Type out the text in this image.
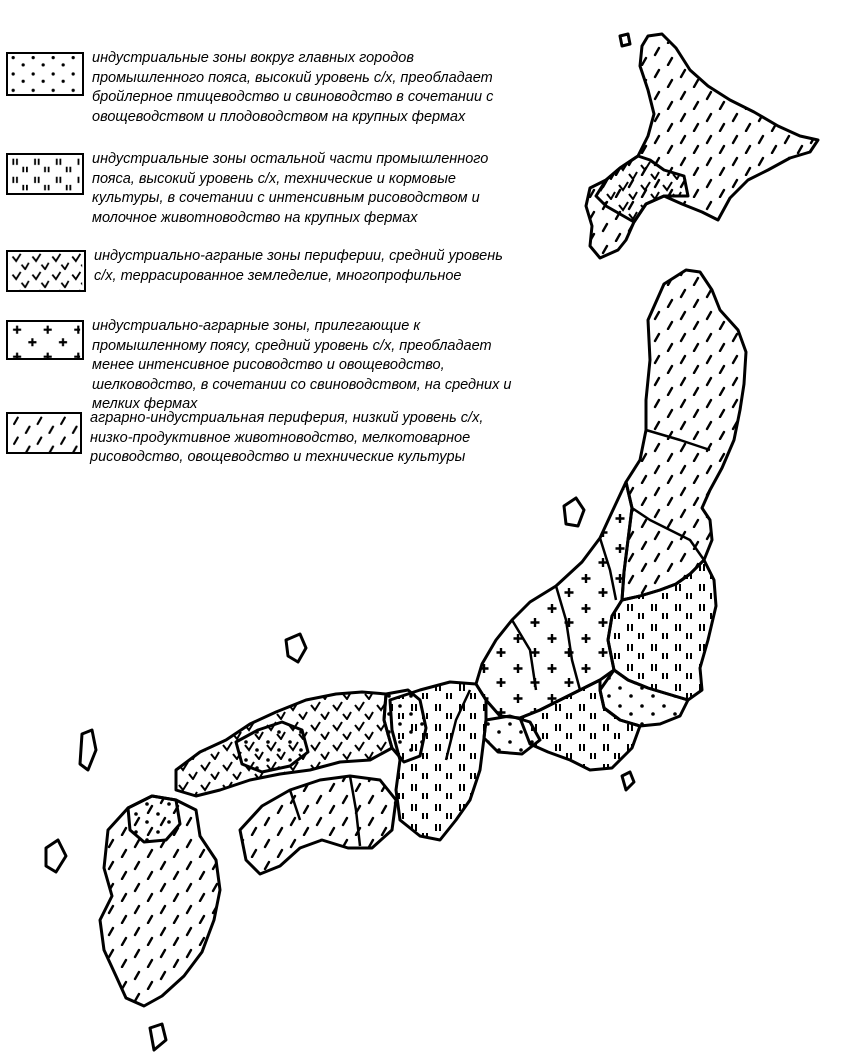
индустриальные зоны вокруг главных городов промышленного пояса, высокий уровень с/х, преобладает бройлерное птицеводство и свиноводство в сочетании с овощеводством и плодоводством на крупных фермах
индустриальные зоны остальной части промышленного пояса, высокий уровень с/х, технические и кормовые культуры, в сочетании с интенсивным рисоводством и молочное животноводство на крупных фермах
индустриально-аграные зоны периферии, средний уровень с/х, террасированное земледелие, многопрофильное
индустриально-аграрные зоны, прилегающие к промышленному поясу, средний уровень с/х, преобладает менее интенсивное рисоводство и овощеводство, шелководство, в сочетании со свиноводством, на средних и мелких фермах
аграрно-индустриальная периферия, низкий уровень с/х, низко-продуктивное животноводство, мелкотоварное рисоводство, овощеводство и технические культуры
